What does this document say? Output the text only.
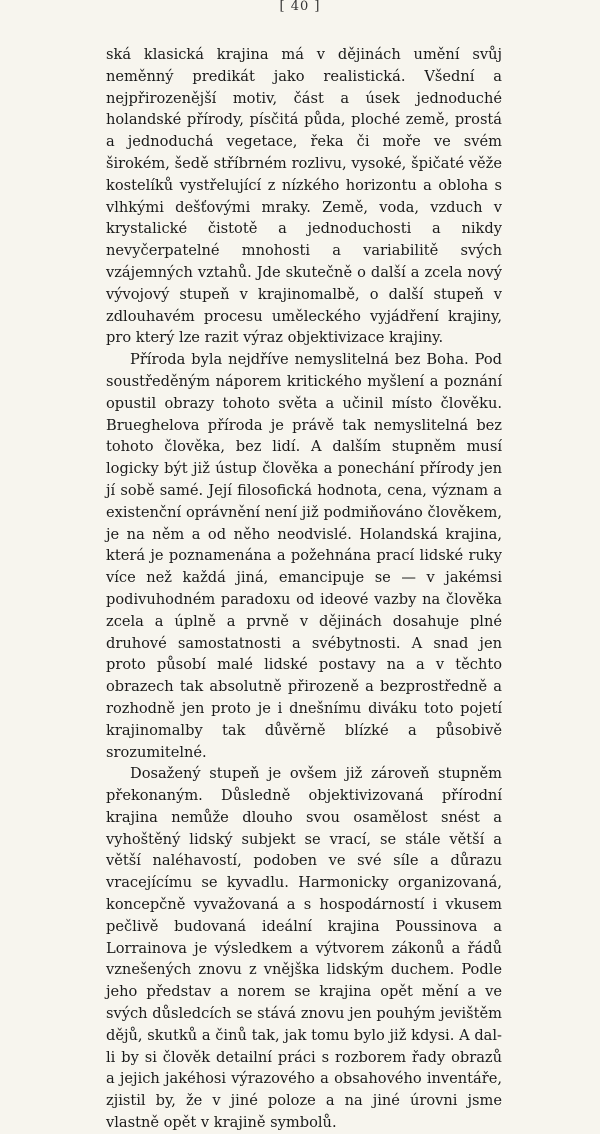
[ 40 ]

ská klasická krajina má v dějinách umění svůj neměnný predikát jako realistická. Všední a nejpřirozenější motiv, část a úsek jednoduché holandské přírody, písčitá půda, ploché země, prostá a jednoduchá vegetace, řeka či moře ve svém širokém, šedě stříbrném rozlivu, vysoké, špičaté věže kostelíků vystřelující z nízkého horizontu a obloha s vlhkými dešťovými mraky. Země, voda, vzduch v krystalické čistotě a jednoduchosti a nikdy nevyčerpatelné mnohosti a variabilitě svých vzájemných vztahů. Jde skutečně o další a zcela nový vývojový stupeň v krajinomalbě, o další stupeň v zdlouhavém procesu uměleckého vyjádření krajiny, pro který lze razit výraz objektivizace krajiny.

Příroda byla nejdříve nemyslitelná bez Boha. Pod soustředěným náporem kritického myšlení a poznání opustil obrazy tohoto světa a učinil místo člověku. Brueghelova příroda je právě tak nemyslitelná bez tohoto člověka, bez lidí. A dalším stupněm musí logicky být již ústup člověka a ponechání přírody jen jí sobě samé. Její filosofická hodnota, cena, význam a existenční oprávnění není již podmiňováno člověkem, je na něm a od něho neodvislé. Holandská krajina, která je poznamenána a požehnána prací lidské ruky více než každá jiná, emancipuje se — v jakémsi podivuhodném paradoxu od ideové vazby na člověka zcela a úplně a prvně v dějinách dosahuje plné druhové samostatnosti a svébytnosti. A snad jen proto působí malé lidské postavy na a v těchto obrazech tak absolutně přirozeně a bezprostředně a rozhodně jen proto je i dnešnímu diváku toto pojetí krajinomalby tak důvěrně blízké a působivě srozumitelné.

Dosažený stupeň je ovšem již zároveň stupněm překonaným. Důsledně objektivizovaná přírodní krajina nemůže dlouho svou osamělost snést a vyhoštěný lidský subjekt se vrací, se stále větší a větší naléhavostí, podoben ve své síle a důrazu vracejícímu se kyvadlu. Harmonicky organizovaná, koncepčně vyvažovaná a s hospodárností i vkusem pečlivě budovaná ideální krajina Poussinova a Lorrainova je výsledkem a výtvorem zákonů a řádů vznešených znovu z vnějška lidským duchem. Podle jeho představ a norem se krajina opět mění a ve svých důsledcích se stává znovu jen pouhým jevištěm dějů, skutků a činů tak, jak tomu bylo již kdysi. A dal-li by si člověk detailní práci s rozborem řady obrazů a jejich jakéhosi výrazového a obsahového inventáře, zjistil by, že v jiné poloze a na jiné úrovni jsme vlastně opět v krajině symbolů.
